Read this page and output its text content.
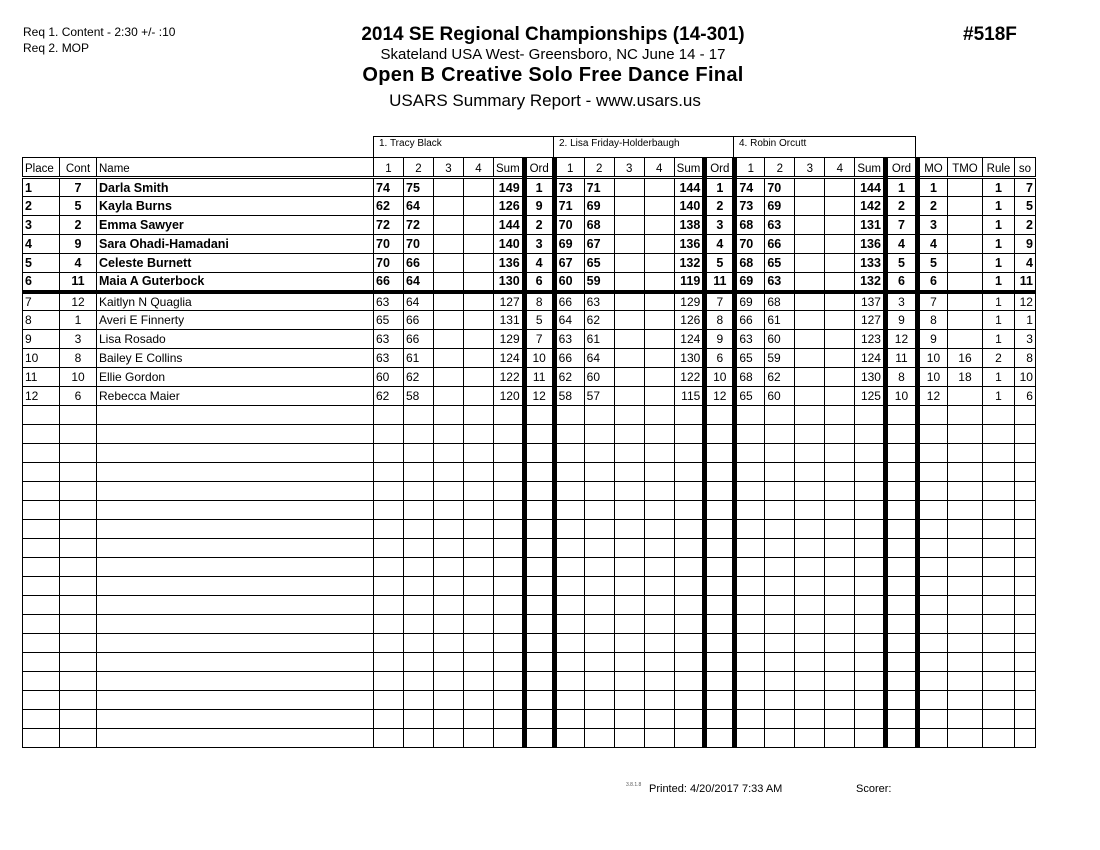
Req 1. Content - 2:30 +/- :10
Req 2. MOP
2014 SE Regional Championships (14-301)
Skateland USA West- Greensboro, NC June 14 - 17
Open B Creative Solo Free Dance Final
USARS Summary Report - www.usars.us
#518F
1. Tracy Black	2. Lisa Friday-Holderbaugh	4. Robin Orcutt
Place	Cont	Name	1	2	3	4	Sum	Ord	1	2	3	4	Sum	Ord	1	2	3	4	Sum	Ord	MO	TMO	Rule	so
1	7	Darla Smith	74	75			149	1	73	71			144	1	74	70			144	1	1		1	7
2	5	Kayla Burns	62	64			126	9	71	69			140	2	73	69			142	2	2		1	5
3	2	Emma Sawyer	72	72			144	2	70	68			138	3	68	63			131	7	3		1	2
4	9	Sara Ohadi-Hamadani	70	70			140	3	69	67			136	4	70	66			136	4	4		1	9
5	4	Celeste Burnett	70	66			136	4	67	65			132	5	68	65			133	5	5		1	4
6	11	Maia A Guterbock	66	64			130	6	60	59			119	11	69	63			132	6	6		1	11
7	12	Kaitlyn N Quaglia	63	64			127	8	66	63			129	7	69	68			137	3	7		1	12
8	1	Averi E Finnerty	65	66			131	5	64	62			126	8	66	61			127	9	8		1	1
9	3	Lisa Rosado	63	66			129	7	63	61			124	9	63	60			123	12	9		1	3
10	8	Bailey E Collins	63	61			124	10	66	64			130	6	65	59			124	11	10	16	2	8
11	10	Ellie Gordon	60	62			122	11	62	60			122	10	68	62			130	8	10	18	1	10
12	6	Rebecca Maier	62	58			120	12	58	57			115	12	65	60			125	10	12		1	6

3.8.1.8 Printed: 4/20/2017 7:33 AM	Scorer:
